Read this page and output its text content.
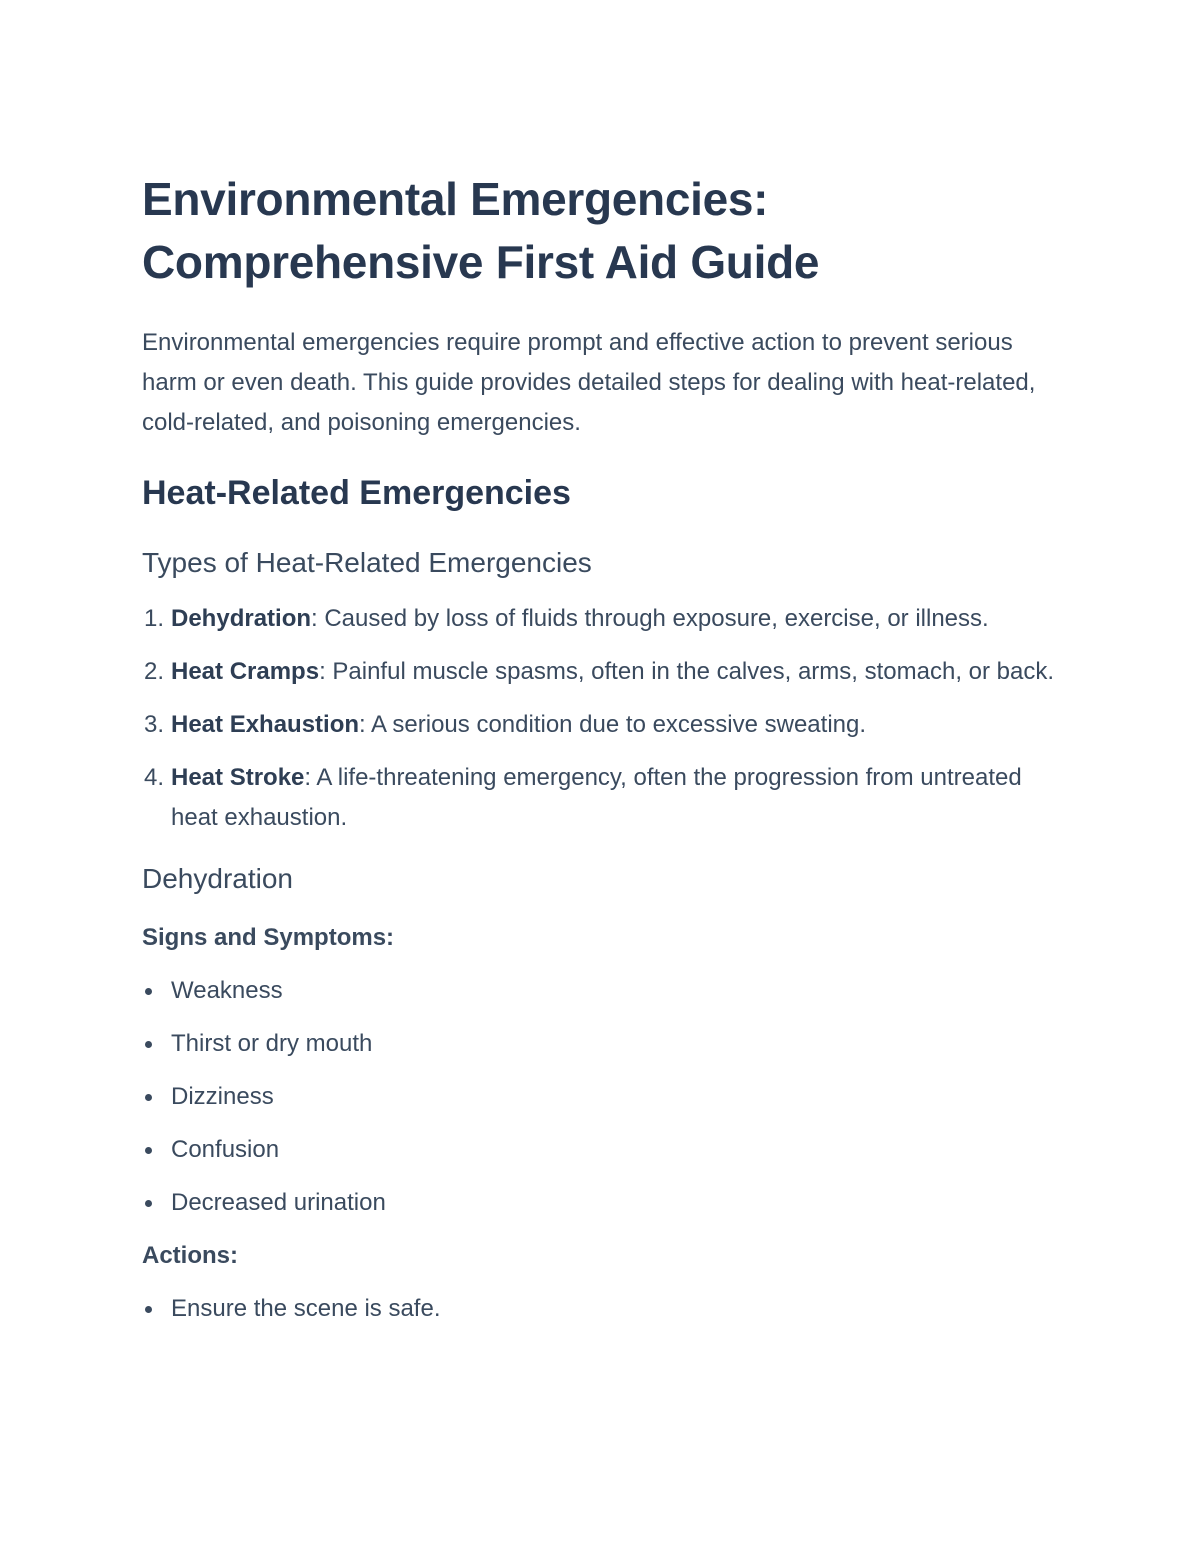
Environmental Emergencies:
Comprehensive First Aid Guide

Environmental emergencies require prompt and effective action to prevent serious harm or even death. This guide provides detailed steps for dealing with heat-related, cold-related, and poisoning emergencies.

Heat-Related Emergencies
Types of Heat-Related Emergencies
1. Dehydration: Caused by loss of fluids through exposure, exercise, or illness.
2. Heat Cramps: Painful muscle spasms, often in the calves, arms, stomach, or back.
3. Heat Exhaustion: A serious condition due to excessive sweating.
4. Heat Stroke: A life-threatening emergency, often the progression from untreated heat exhaustion.
Dehydration
Signs and Symptoms:
Weakness
Thirst or dry mouth
Dizziness
Confusion
Decreased urination
Actions:
Ensure the scene is safe.
